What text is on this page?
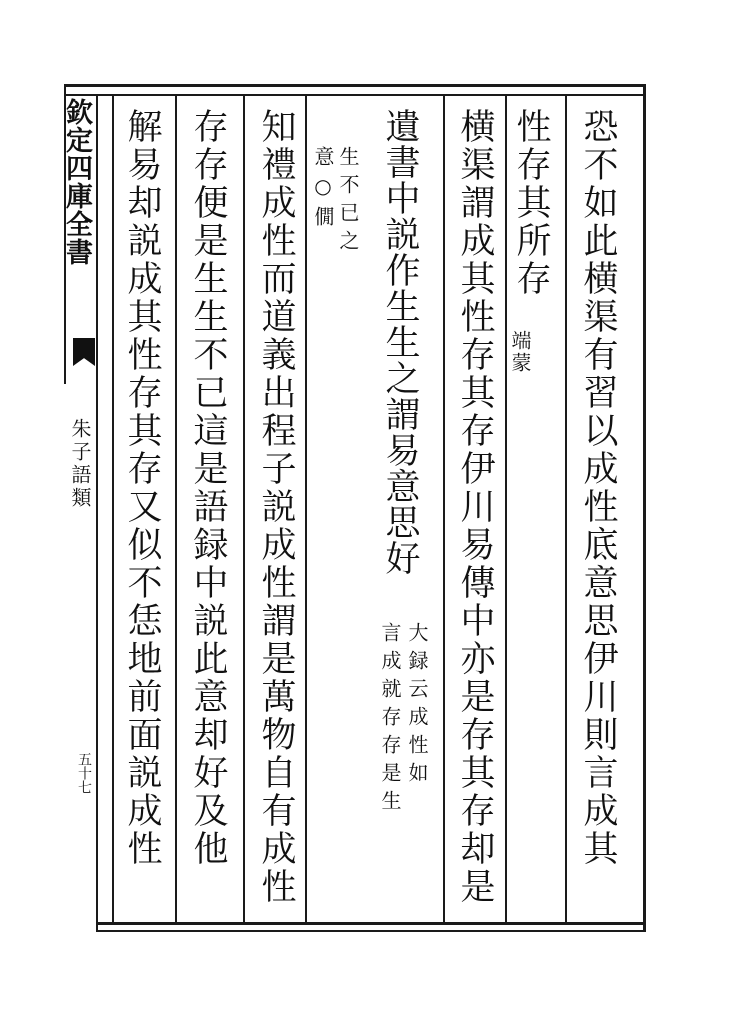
欽定四庫全書
朱子語類
五十七	恐不如此横渠有習以成性底意思伊川則言成其
性存其所存
端蒙
横渠謂成其性存其存伊川易傳中亦是存其存却是
遺書中説作生生之謂易意思好
大録云成性如
言成就存存是生
生不已之
意○僩
知禮成性而道義出程子説成性謂是萬物自有成性
存存便是生生不已這是語録中説此意却好及他
解易却説成其性存其存又似不恁地前面説成性
